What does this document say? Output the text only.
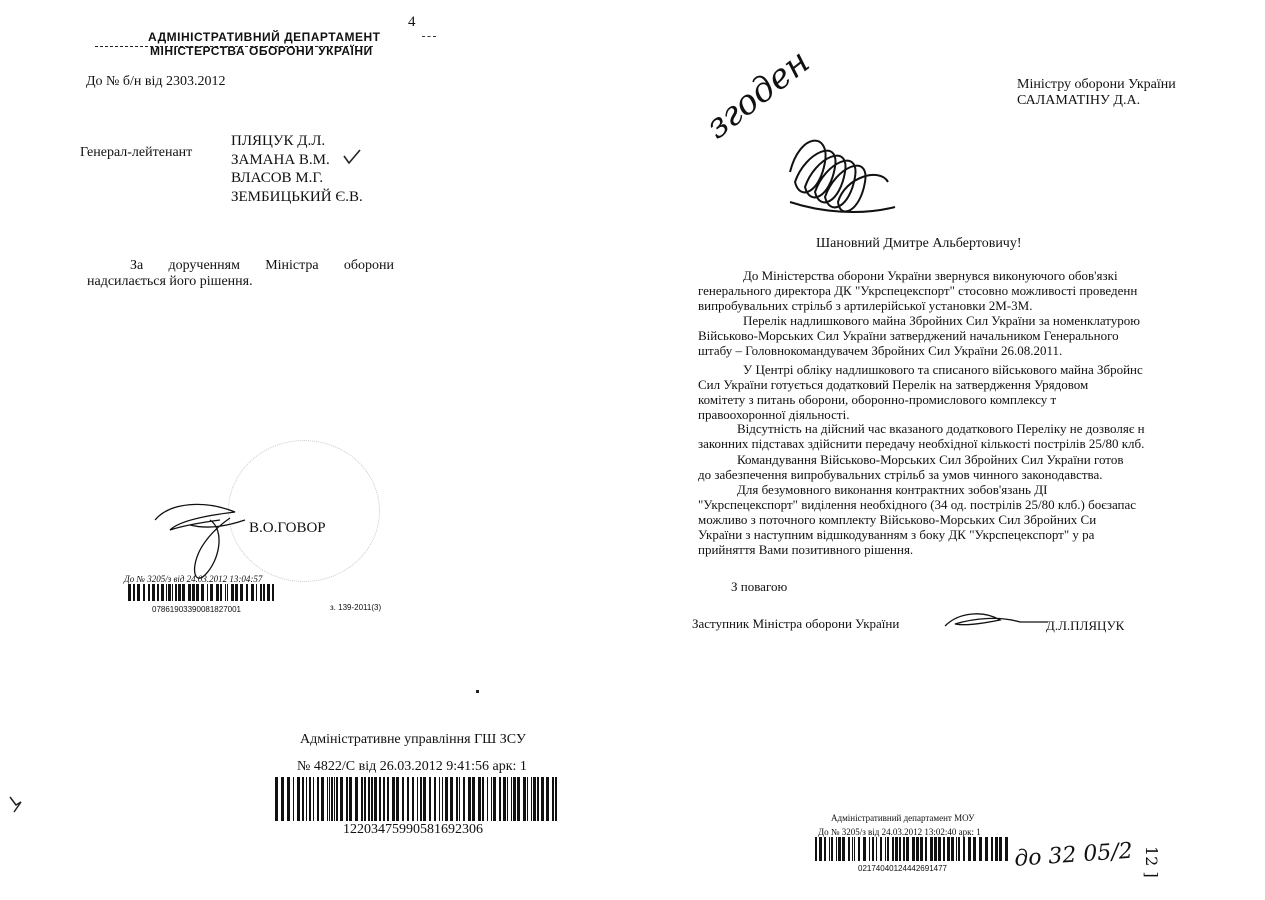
АДМІНІСТРАТИВНИЙ ДЕПАРТАМЕНТ
МІНІСТЕРСТВА ОБОРОНИ УКРАЇНИ
4
До № б/н від 2303.2012
Генерал-лейтенант
ПЛЯЦУК Д.Л.
ЗАМАНА В.М.
ВЛАСОВ М.Г.
ЗЕМБИЦЬКИЙ Є.В.
За дорученням Міністра оборони
надсилається його рішення.
В.О.ГОВОР
До № 3205/з від 24.03.2012 13:04:57
07861903390081827001	з. 139-2011(3)
Адміністративне управління ГШ ЗСУ
№ 4822/С від 26.03.2012 9:41:56 арк: 1
12203475990581692306
згоден	Міністру оборони України
САЛАМАТІНУ Д.А.
Шановний Дмитре Альбертовичу!
До Міністерства оборони України звернувся виконуючого обов'язкі
генерального директора ДК "Укрспецекспорт" стосовно можливості проведенн
випробувальних стрільб з артилерійської установки 2М-3М.
Перелік надлишкового майна Збройних Сил України за номенклатурою
Військово-Морських Сил України затверджений начальником Генерального
штабу – Головнокомандувачем Збройних Сил України 26.08.2011.
У Центрі обліку надлишкового та списаного військового майна Збройнс
Сил України готується додатковий Перелік на затвердження Урядовом
комітету з питань оборони, оборонно-промислового комплексу т
правоохоронної діяльності.
Відсутність на дійсний час вказаного додаткового Переліку не дозволяє н
законних підставах здійснити передачу необхідної кількості пострілів 25/80 клб.
Командування Військово-Морських Сил Збройних Сил України готов
до забезпечення випробувальних стрільб за умов чинного законодавства.
Для безумовного виконання контрактних зобов'язань ДІ
"Укрспецекспорт" виділення необхідного (34 од. пострілів 25/80 клб.) боєзапас
можливо з поточного комплекту Військово-Морських Сил Збройних Си
України з наступним відшкодуванням з боку ДК "Укрспецекспорт" у ра
прийняття Вами позитивного рішення.
З повагою
Заступник Міністра оборони України	Д.Л.ПЛЯЦУК
Адміністративний департамент МОУ
До № 3205/з від 24.03.2012 13:02:40 арк: 1
02174040124442691477	до 32 05/2 12 ]
